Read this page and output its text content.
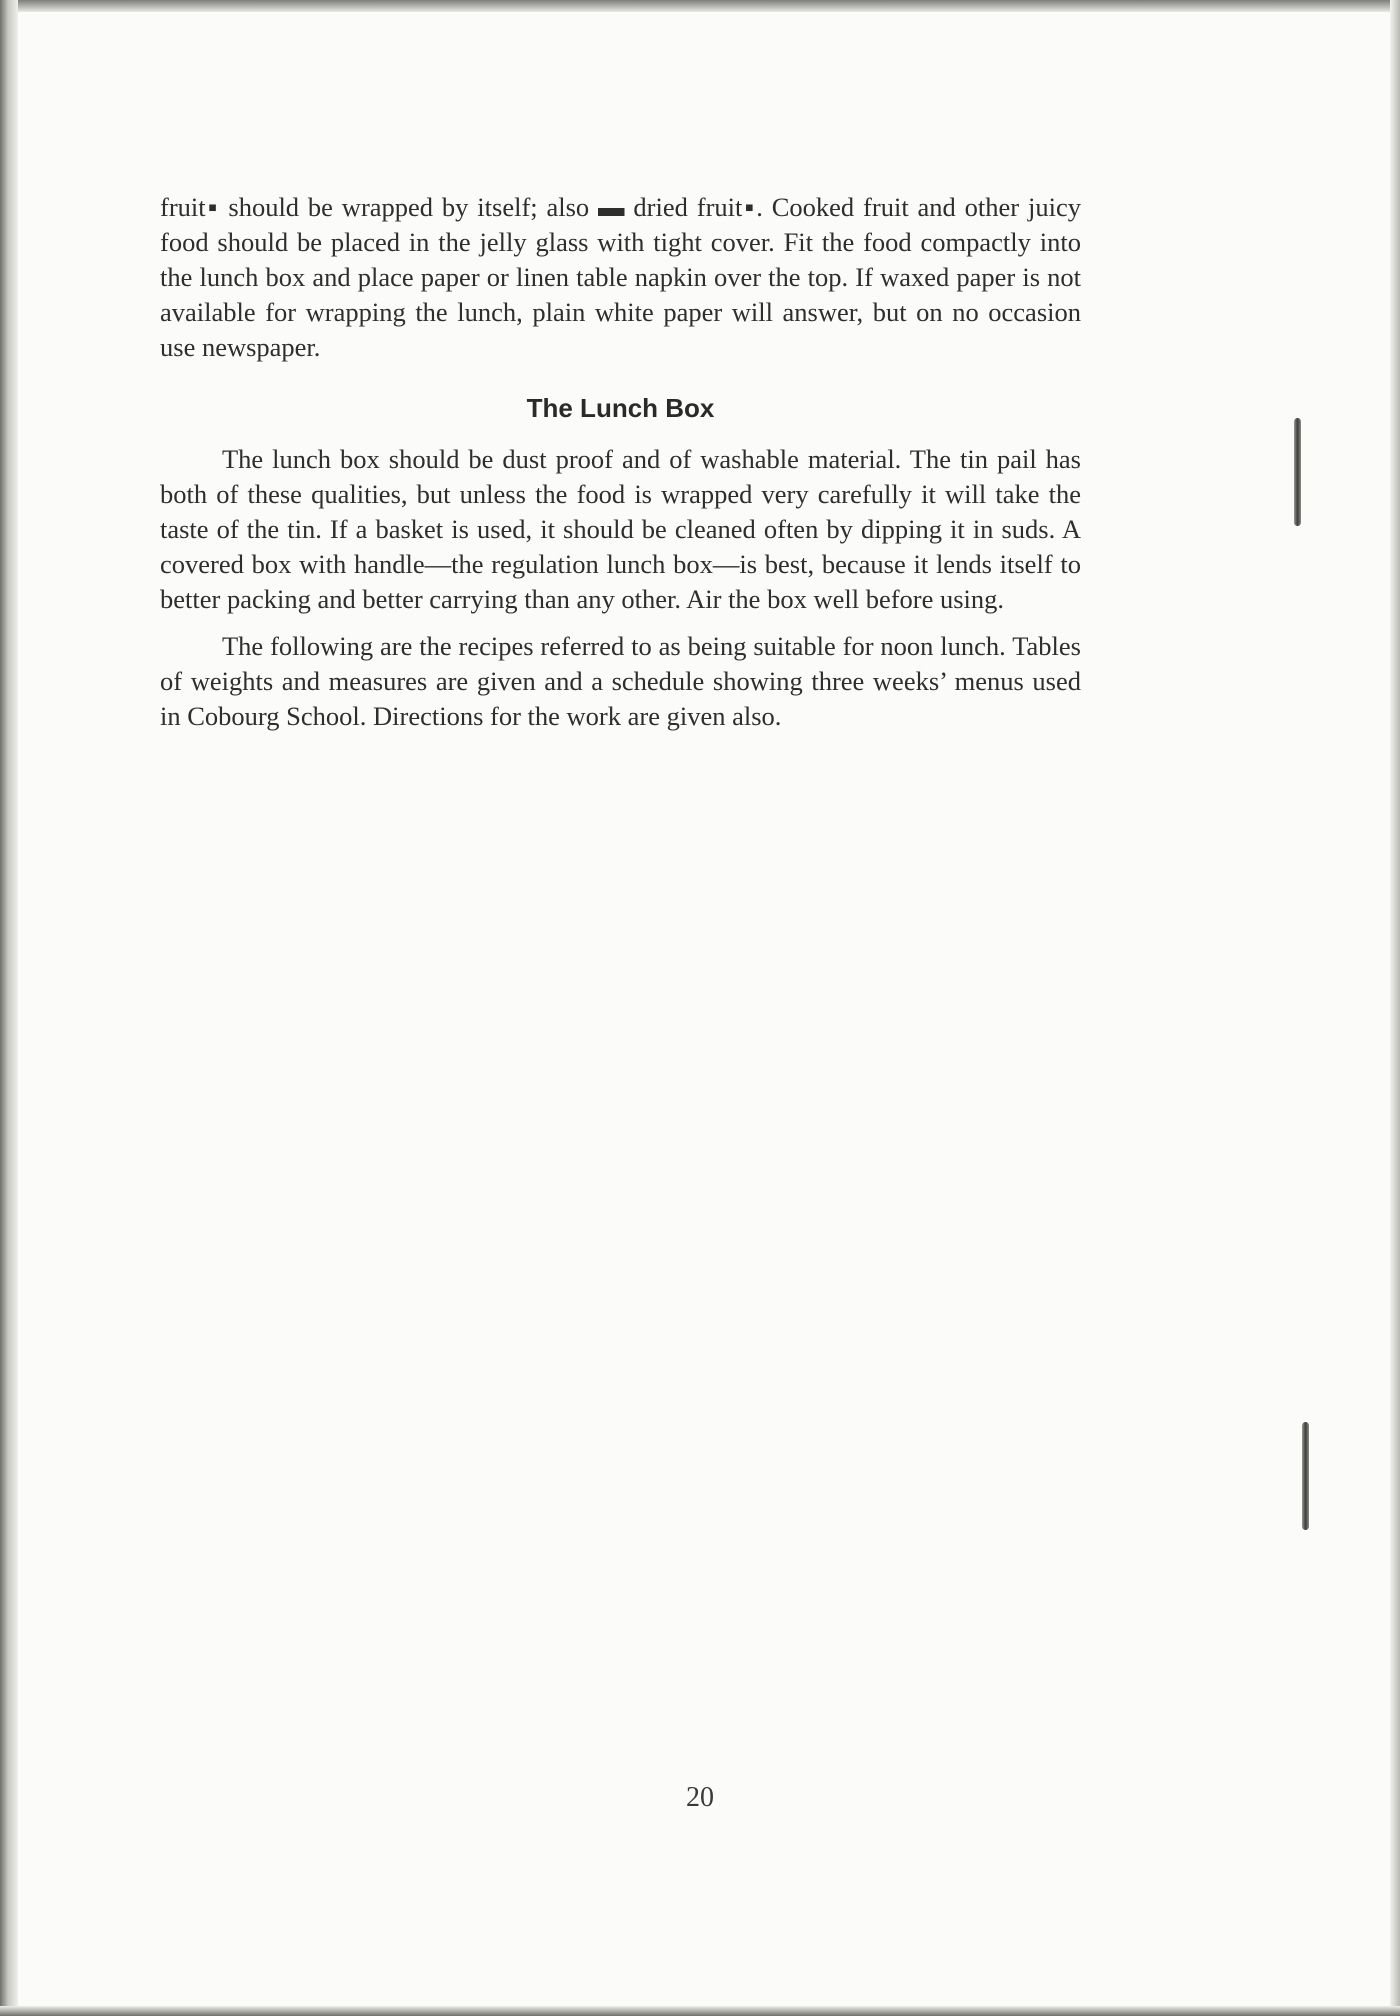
fruit▪ should be wrapped by itself; also ▬ dried fruit▪. Cooked fruit and other juicy food should be placed in the jelly glass with tight cover. Fit the food compactly into the lunch box and place paper or linen table napkin over the top. If waxed paper is not available for wrapping the lunch, plain white paper will answer, but on no occasion use newspaper.

The Lunch Box

The lunch box should be dust proof and of washable material. The tin pail has both of these qualities, but unless the food is wrapped very carefully it will take the taste of the tin. If a basket is used, it should be cleaned often by dipping it in suds. A covered box with handle—the regulation lunch box—is best, because it lends itself to better packing and better carrying than any other. Air the box well before using.

The following are the recipes referred to as being suitable for noon lunch. Tables of weights and measures are given and a schedule showing three weeks’ menus used in Cobourg School. Directions for the work are given also.

20
